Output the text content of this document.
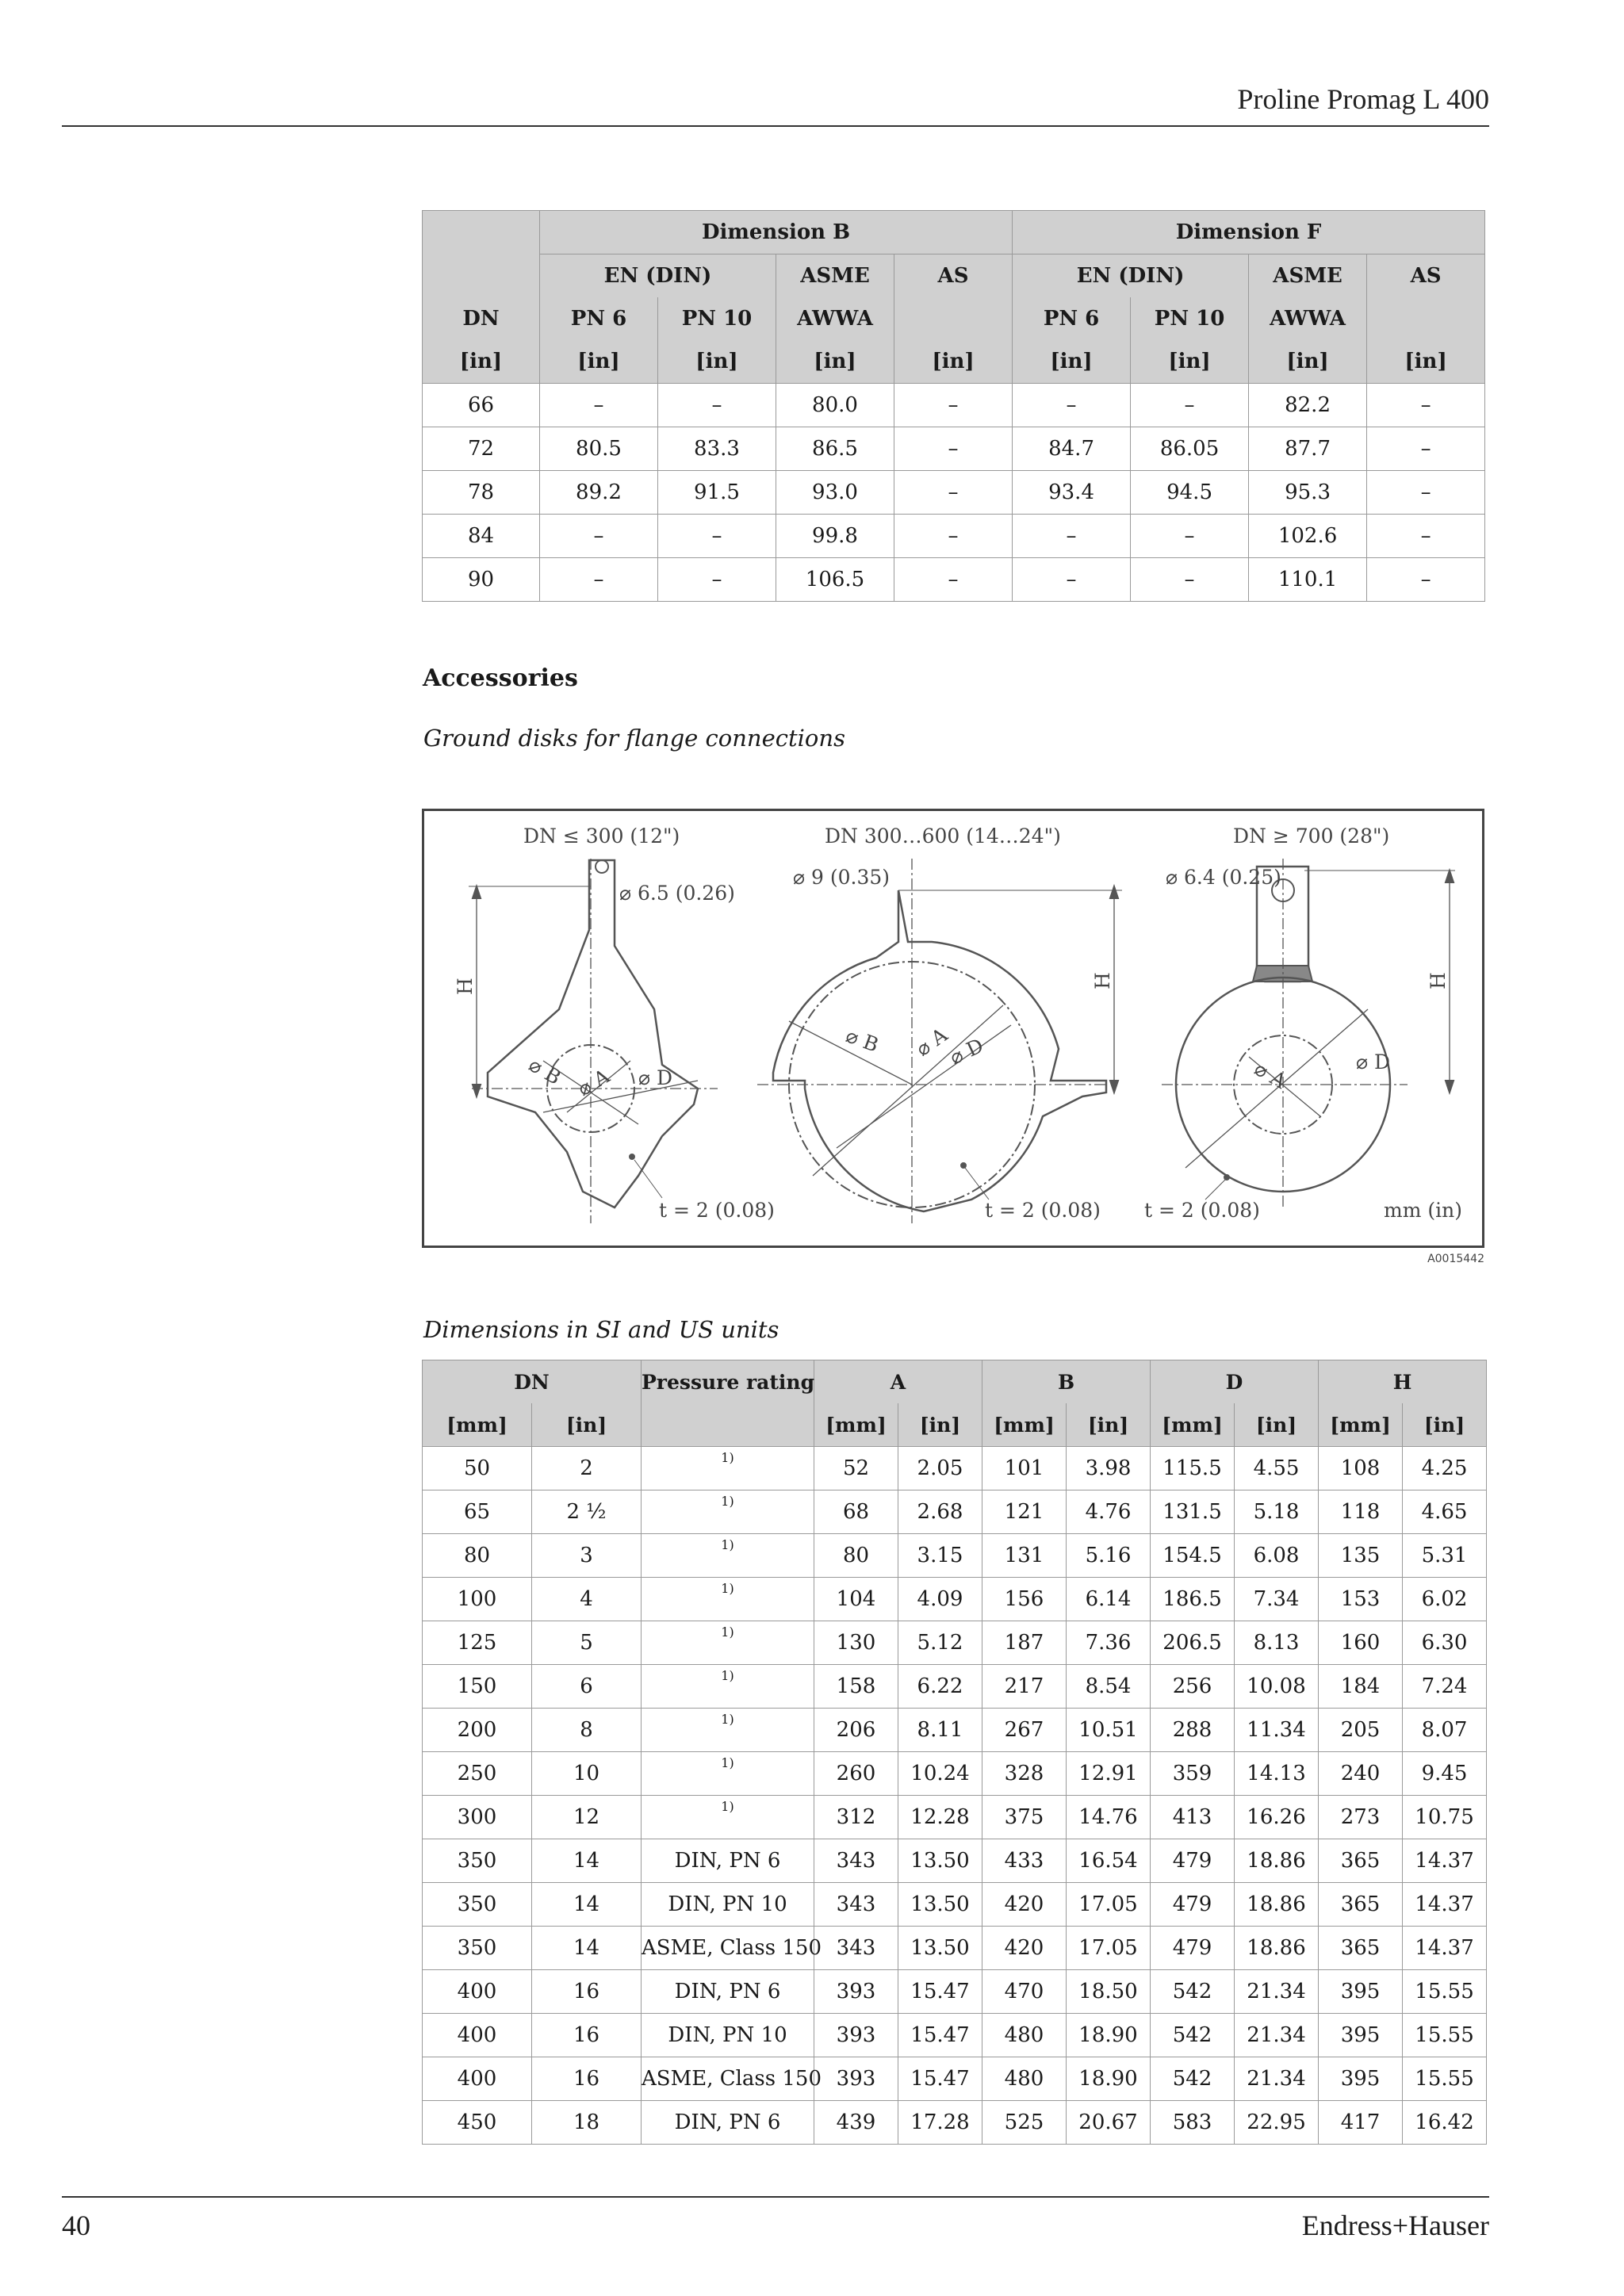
Proline Promag L 400
	Dimension B				Dimension F			
	EN (DIN)		ASME	AS	EN (DIN)		ASME	AS
DN	PN 6	PN 10	AWWA		PN 6	PN 10	AWWA	
[in]	[in]	[in]	[in]	[in]	[in]	[in]	[in]	[in]
66	–	–	80.0	–	–	–	82.2	–
72	80.5	83.3	86.5	–	84.7	86.05	87.7	–
78	89.2	91.5	93.0	–	93.4	94.5	95.3	–
84	–	–	99.8	–	–	–	102.6	–
90	–	–	106.5	–	–	–	110.1	–
Accessories
Ground disks for flange connections
DN ≤ 300 (12")	DN 300…600 (14…24")	DN ≥ 700 (28")
⌀ 6.5 (0.26)
⌀ 9 (0.35)	⌀ 6.4 (0.25)
H	H	H
⌀ B ⌀ A ⌀ D
⌀ B ⌀ A
⌀ D
⌀ A	⌀ D
t = 2 (0.08)	t = 2 (0.08) t = 2 (0.08)	mm (in)
A0015442
Dimensions in SI and US units
DN		Pressure rating	A		B		D		H	
[mm]	[in]		[mm]	[in]	[mm]	[in]	[mm]	[in]	[mm]	[in]
50	2	$^{1)}$	52	2.05	101	3.98	115.5	4.55	108	4.25
65	2 ½	$^{1)}$	68	2.68	121	4.76	131.5	5.18	118	4.65
80	3	$^{1)}$	80	3.15	131	5.16	154.5	6.08	135	5.31
100	4	$^{1)}$	104	4.09	156	6.14	186.5	7.34	153	6.02
125	5	$^{1)}$	130	5.12	187	7.36	206.5	8.13	160	6.30
150	6	$^{1)}$	158	6.22	217	8.54	256	10.08	184	7.24
200	8	$^{1)}$	206	8.11	267	10.51	288	11.34	205	8.07
250	10	$^{1)}$	260	10.24	328	12.91	359	14.13	240	9.45
300	12	$^{1)}$	312	12.28	375	14.76	413	16.26	273	10.75
350	14	DIN, PN 6	343	13.50	433	16.54	479	18.86	365	14.37
350	14	DIN, PN 10	343	13.50	420	17.05	479	18.86	365	14.37
350	14	ASME, Class 150	343	13.50	420	17.05	479	18.86	365	14.37
400	16	DIN, PN 6	393	15.47	470	18.50	542	21.34	395	15.55
400	16	DIN, PN 10	393	15.47	480	18.90	542	21.34	395	15.55
400	16	ASME, Class 150	393	15.47	480	18.90	542	21.34	395	15.55
450	18	DIN, PN 6	439	17.28	525	20.67	583	22.95	417	16.42
40	Endress+Hauser
